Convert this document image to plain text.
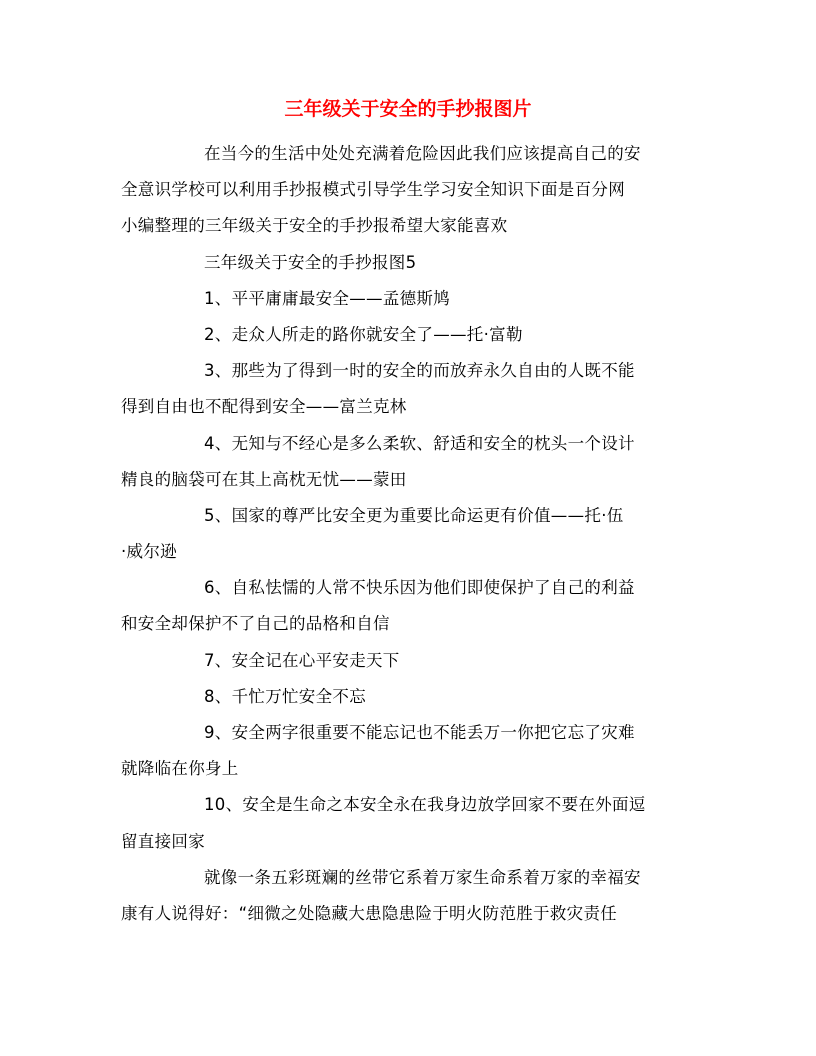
三年级关于安全的手抄报图片
在当今的生活中处处充满着危险因此我们应该提高自己的安
全意识学校可以利用手抄报模式引导学生学习安全知识下面是百分网
小编整理的三年级关于安全的手抄报希望大家能喜欢
三年级关于安全的手抄报图5
1、平平庸庸最安全——孟德斯鸠
2、走众人所走的路你就安全了——托·富勒
3、那些为了得到一时的安全的而放弃永久自由的人既不能
得到自由也不配得到安全——富兰克林
4、无知与不经心是多么柔软、舒适和安全的枕头一个设计
精良的脑袋可在其上高枕无忧——蒙田
5、国家的尊严比安全更为重要比命运更有价值——托·伍
·威尔逊
6、自私怯懦的人常不快乐因为他们即使保护了自己的利益
和安全却保护不了自己的品格和自信
7、安全记在心平安走天下
8、千忙万忙安全不忘
9、安全两字很重要不能忘记也不能丢万一你把它忘了灾难
就降临在你身上
10、安全是生命之本安全永在我身边放学回家不要在外面逗
留直接回家
就像一条五彩斑斓的丝带它系着万家生命系着万家的幸福安
康有人说得好：“细微之处隐藏大患隐患险于明火防范胜于救灾责任
